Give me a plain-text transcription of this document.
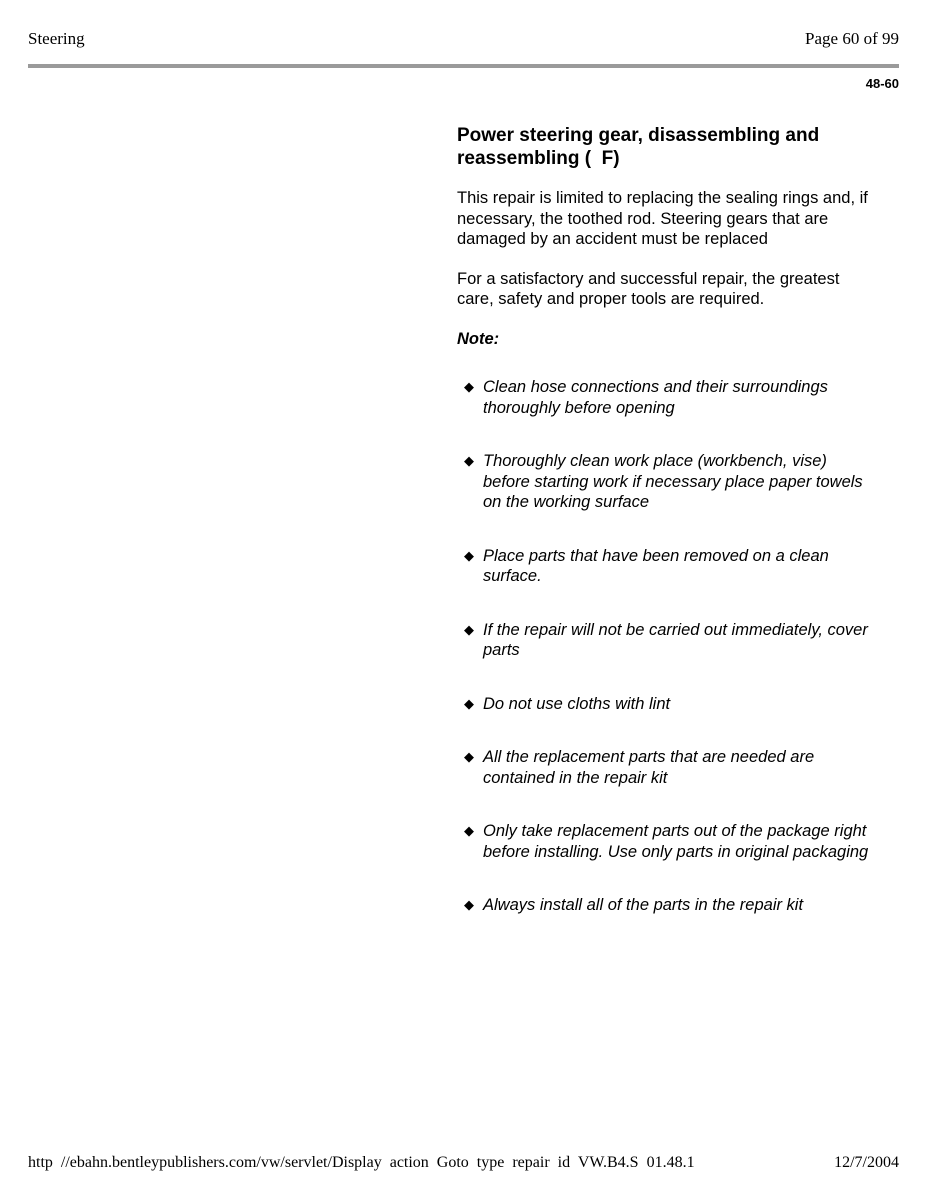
Steering	Page 60 of 99
48-60
Power steering gear, disassembling and reassembling (  F)

This repair is limited to replacing the sealing rings and, if necessary, the toothed rod. Steering gears that are damaged by an accident must be replaced

For a satisfactory and successful repair, the greatest care, safety and proper tools are required.

Note:
◆ Clean hose connections and their surroundings thoroughly before opening
◆ Thoroughly clean work place (workbench, vise) before starting work if necessary place paper towels on the working surface
◆ Place parts that have been removed on a clean surface.
◆ If the repair will not be carried out immediately, cover parts
◆ Do not use cloths with lint
◆ All the replacement parts that are needed are contained in the repair kit
◆ Only take replacement parts out of the package right before installing. Use only parts in original packaging
◆ Always install all of the parts in the repair kit
http //ebahn.bentleypublishers.com/vw/servlet/Display action Goto type repair id VW.B4.S 01.48.1	12/7/2004
